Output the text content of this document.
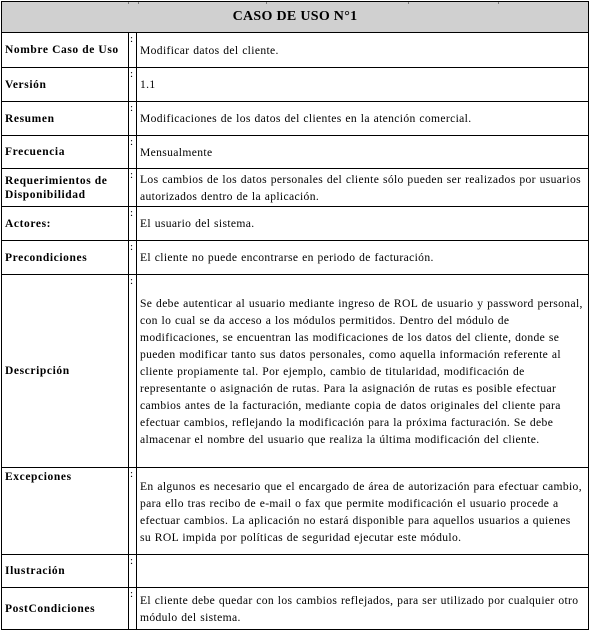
CASO DE USO N°1		
Nombre Caso de Uso	:	Modificar datos del cliente.
Versión	:	1.1
Resumen	:	Modificaciones de los datos del clientes en la atención comercial.
Frecuencia	:	Mensualmente
Requerimientos de Disponibilidad	:	Los cambios de los datos personales del cliente sólo pueden ser realizados por usuarios autorizados dentro de la aplicación.
Actores:	:	El usuario del sistema.
Precondiciones	:	El cliente no puede encontrarse en periodo de facturación.
Descripción	:	Se debe autenticar al usuario mediante ingreso de ROL de usuario y password personal, con lo cual se da acceso a los módulos permitidos. Dentro del módulo de modificaciones, se encuentran las modificaciones de los datos del cliente, donde se pueden modificar tanto sus datos personales, como aquella información referente al cliente propiamente tal. Por ejemplo, cambio de titularidad, modificación de representante o asignación de rutas. Para la asignación de rutas es posible efectuar cambios antes de la facturación, mediante copia de datos originales del cliente para efectuar cambios, reflejando la modificación para la próxima facturación. Se debe almacenar el nombre del usuario que realiza la última modificación del cliente.
Excepciones	:	En algunos es necesario que el encargado de área de autorización para efectuar cambio, para ello tras recibo de e-mail o fax que permite modificación el usuario procede a efectuar cambios. La aplicación no estará disponible para aquellos usuarios a quienes su ROL impida por políticas de seguridad ejecutar este módulo.
Ilustración	:	
PostCondiciones	:	El cliente debe quedar con los cambios reflejados, para ser utilizado por cualquier otro módulo del sistema.
